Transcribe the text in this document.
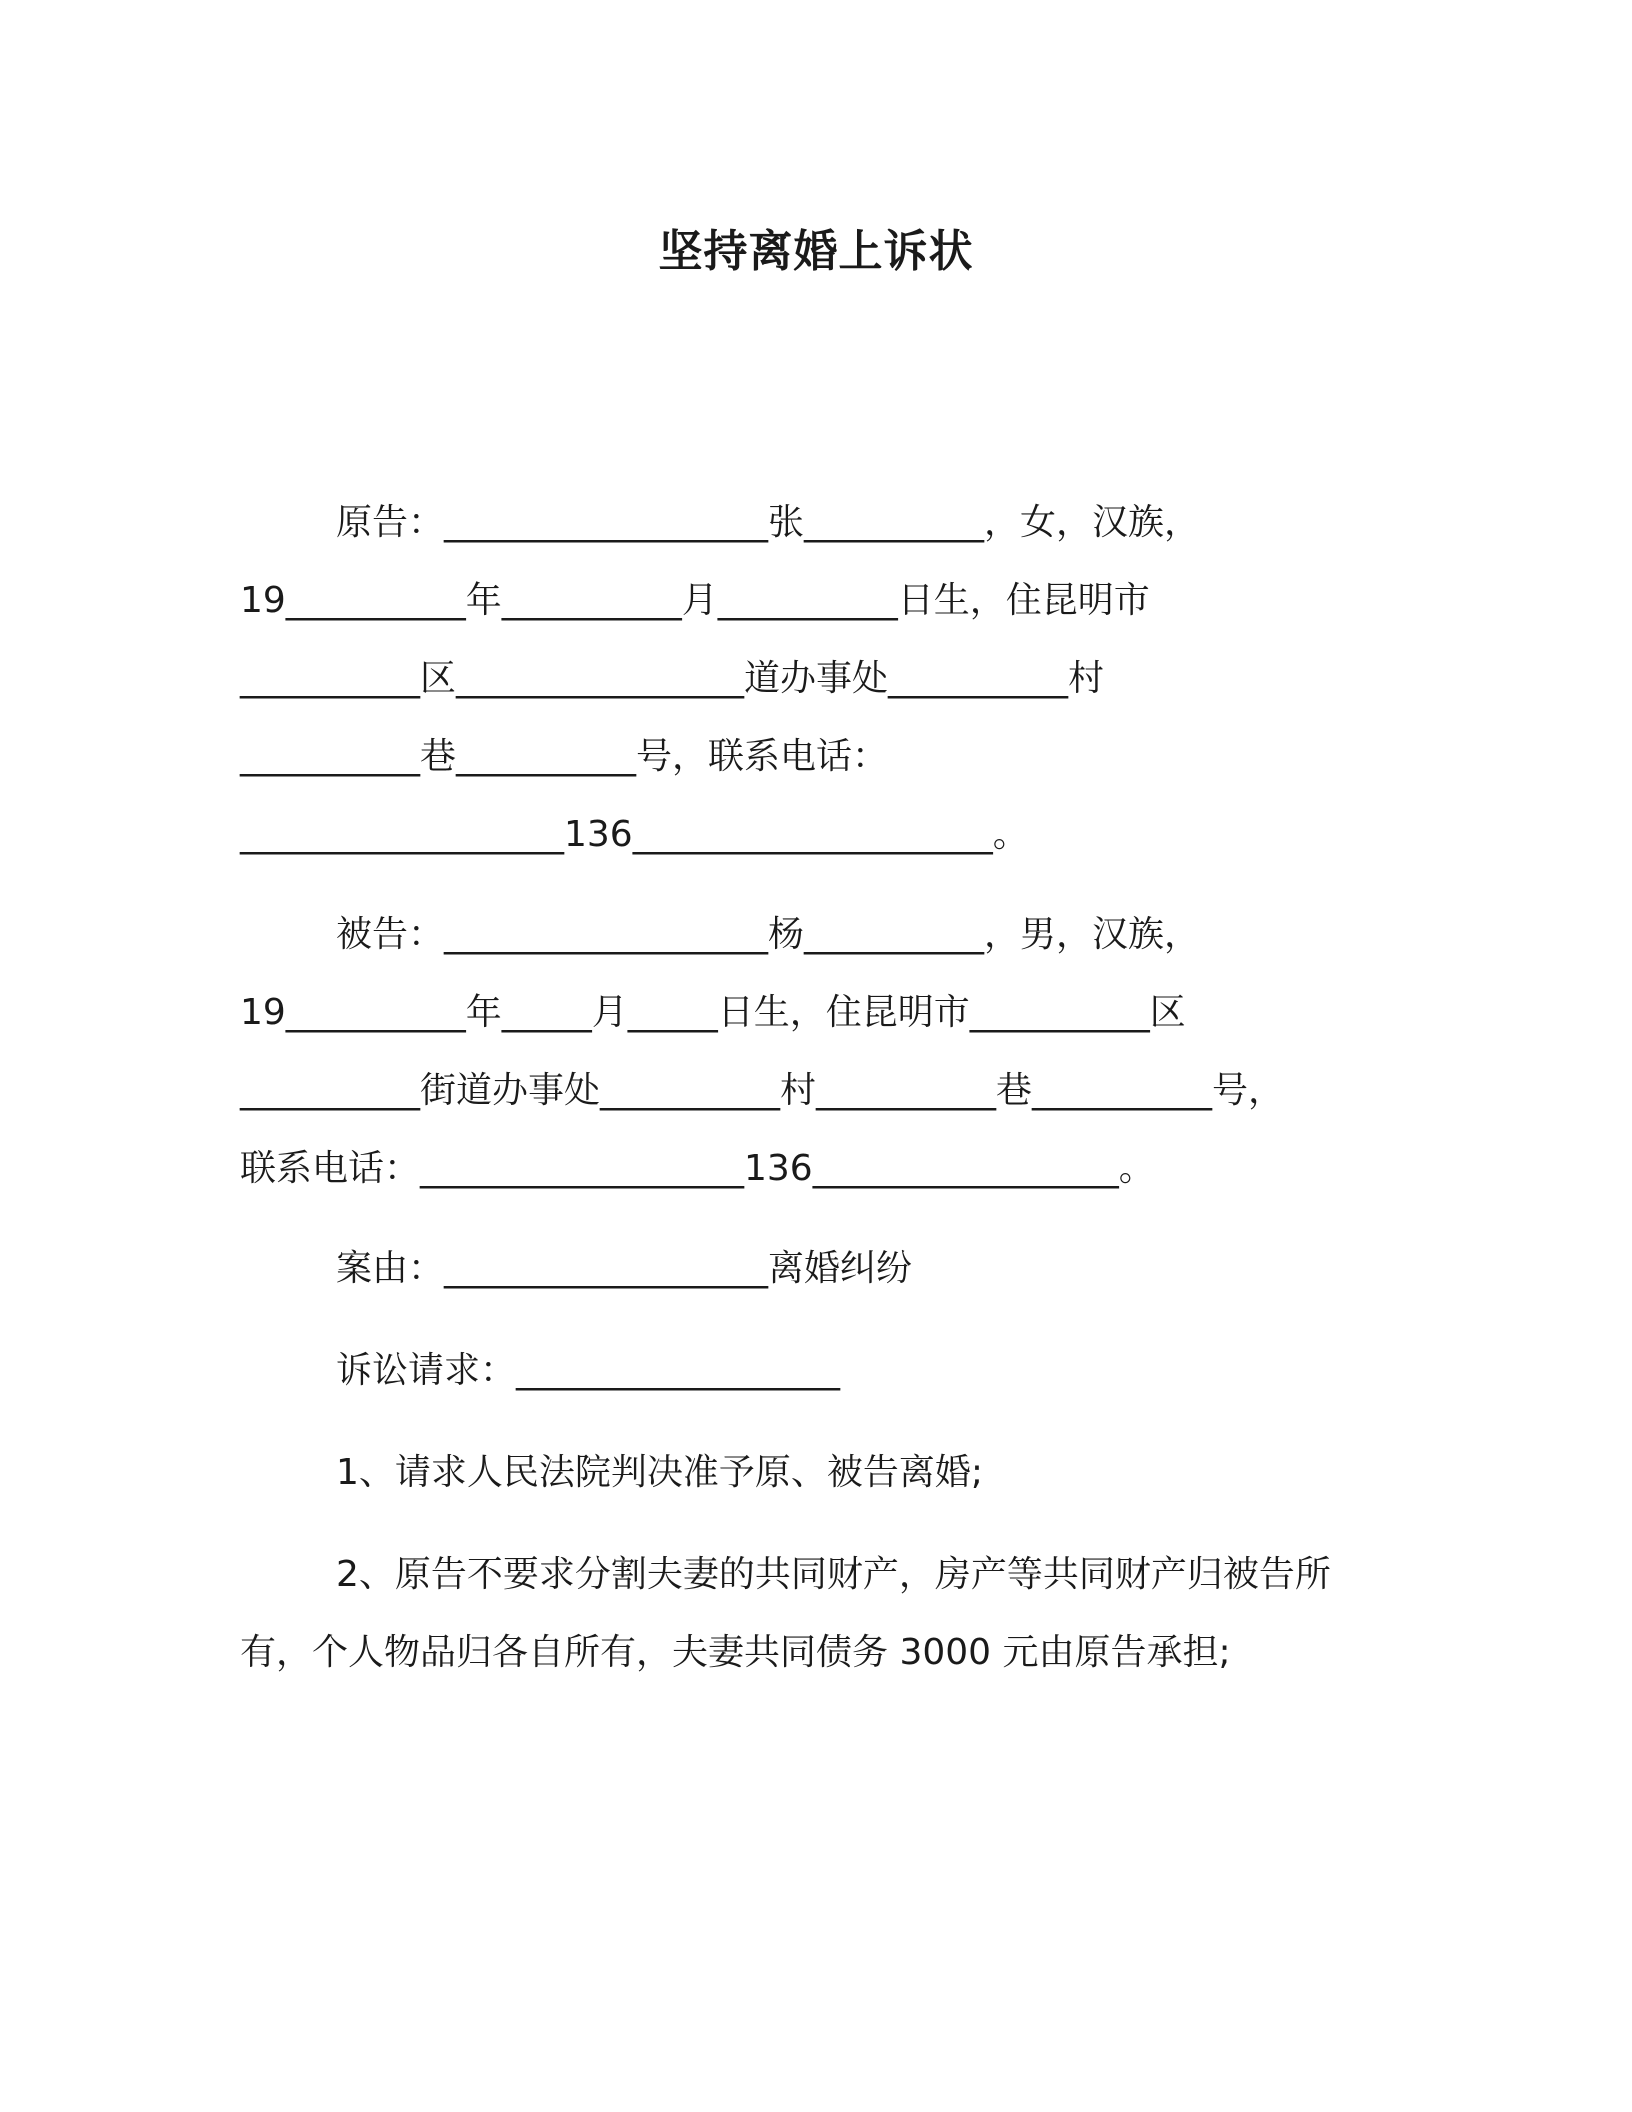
坚持离婚上诉状
原告：__________________张__________，女，汉族，
19__________年__________月__________日生，住昆明市
__________区________________道办事处__________村
__________巷__________号，联系电话：
__________________136____________________。
被告：__________________杨__________，男，汉族，
19__________年_____月_____日生，住昆明市__________区
__________街道办事处__________村__________巷__________号，
联系电话：__________________136_________________。
案由：__________________离婚纠纷
诉讼请求：__________________
1、请求人民法院判决准予原、被告离婚;
2、原告不要求分割夫妻的共同财产，房产等共同财产归被告所
有，个人物品归各自所有，夫妻共同债务 3000 元由原告承担;
